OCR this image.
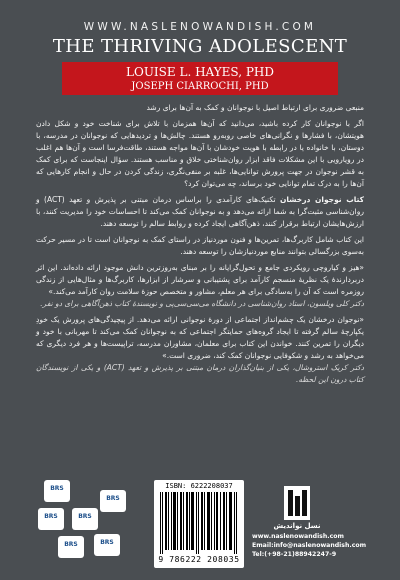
WWW.NASLENOWANDISH.COM
THE THRIVING ADOLESCENT
LOUISE L. HAYES, PHD
JOSEPH CIARROCHI, PHD

منبعی ضروری برای ارتباط اصیل با نوجوانان و کمک به آن‌ها برای رشد

اگر با نوجوانان کار کرده باشید، می‌دانید که آن‌ها همزمان با تلاش برای شناخت خود و شکل دادن هویتشان، با فشارها و نگرانی‌های خاصی روبه‌رو هستند. چالش‌ها و تردیدهایی که نوجوانان در مدرسه، با دوستان، با خانواده یا در رابطه با هویت خودشان با آن‌ها مواجه هستند، طاقت‌فرسا است و آن‌ها هم اغلب در رویارویی با این مشکلات فاقد ابزار روان‌شناختی خلاق و مناسب هستند. سؤال اینجاست که برای کمک به قشر نوجوان در جهت پرورش توانایی‌ها، غلبه بر منفی‌نگری، زندگی کردن در حال و انجام کارهایی که آن‌ها را به درک تمام توانایی خود برساند، چه می‌توان کرد؟

کتاب نوجوان درخشان تکنیک‌های کارآمدی را براساس درمان مبتنی بر پذیرش و تعهد (ACT) و روان‌شناسی مثبت‌گرا به شما ارائه می‌دهد و به نوجوانان کمک می‌کند تا احساسات خود را مدیریت کنند، با ارزش‌هایشان ارتباط برقرار کنند، ذهن‌آگاهی ایجاد کرده و روابط سالم را توسعه دهند.

این کتاب شامل کاربرگ‌ها، تمرین‌ها و فنون موردنیاز در راستای کمک به نوجوانان است تا در مسیر حرکت به‌سوی بزرگسالی بتوانند منابع موردنیازشان را توسعه دهند.

«هیز و کیاروچی رویکردی جامع و تحول‌گرایانه را بر مبنای به‌روزترین دانش موجود ارائه داده‌اند. این اثر دربردارندهٔ یک نظریهٔ منسجم کارآمد برای پشتیبانی و سرشار از ابزارها، کاربرگ‌ها و مثال‌هایی از زندگی روزمره است که آن را به‌سادگی برای هر معلم، مشاور و متخصص حوزهٔ سلامت روان کارآمد می‌کند.»
دکتر کلی ویلسون، استاد روان‌شناسی در دانشگاه می‌سی‌سی‌پی و نویسندهٔ کتاب ذهن‌آگاهی برای دو نفر.

«نوجوان درخشان یک چشم‌انداز اجتماعی از دورهٔ نوجوانی ارائه می‌دهد. از پیچیدگی‌های پرورش یک خودِ یکپارچهٔ سالم گرفته تا ایجاد گروه‌های حمایتگر اجتماعی که به نوجوانان کمک می‌کند تا مهربانی با خود و دیگران را تمرین کنند. خواندن این کتاب برای معلمان، مشاوران مدرسه، تراپیست‌ها و هر فرد دیگری که می‌خواهد به رشد و شکوفایی نوجوانان کمک کند، ضروری است.»
دکتر کریک استروشال، یکی از بنیان‌گذاران درمان مبتنی بر پذیرش و تعهد (ACT) و یکی از نویسندگان کتاب درون این لحظه.

BRS
BRS	BRS
BRS
BRS	BRS
ISBN: 6222208037
9 786222 208035
نسل نواندیش
www.naslenowandish.com
Email:info@naslenowandish.com
Tel:(+98-21)88942247-9
